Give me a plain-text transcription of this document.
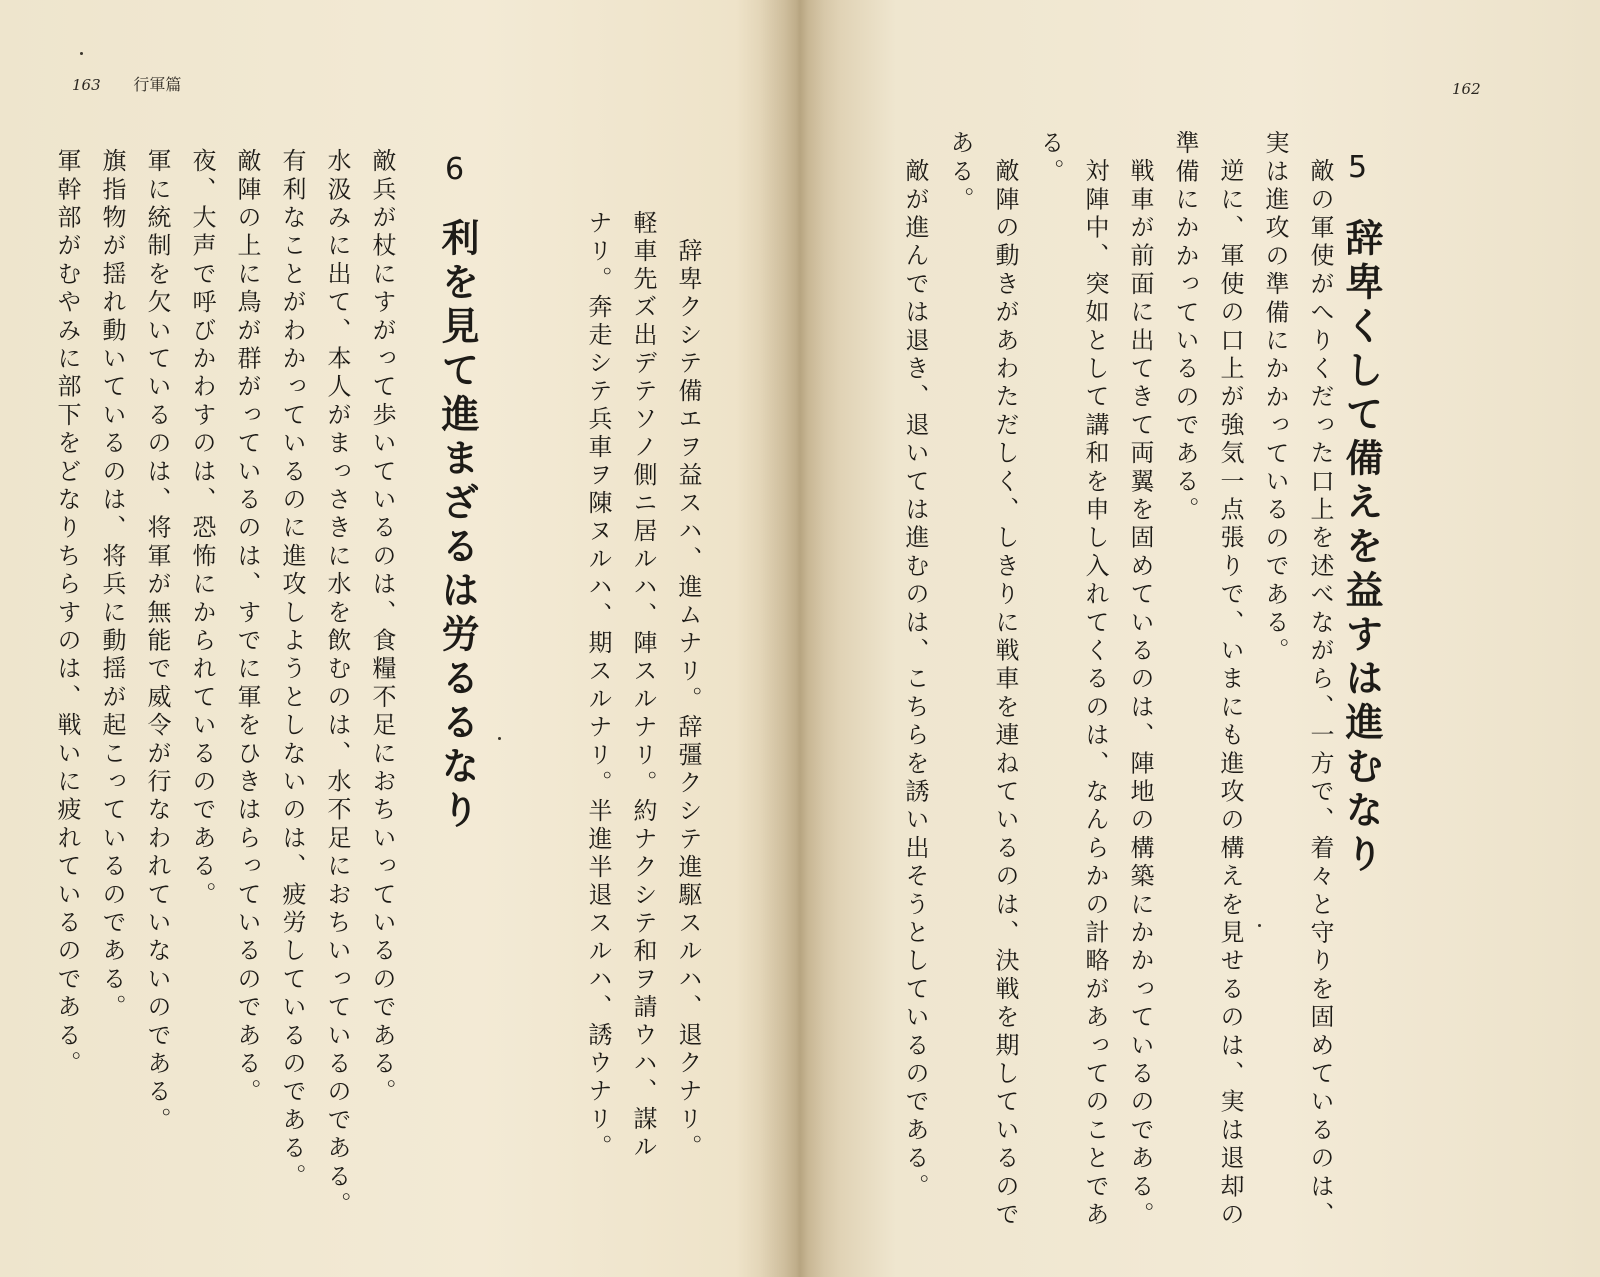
163 行軍篇

敵兵が杖にすがって歩いているのは、食糧不足におちいっているのである。

水汲みに出て、本人がまっさきに水を飲むのは、水不足におちいっているのである。

有利なことがわかっているのに進攻しようとしないのは、疲労しているのである。

敵陣の上に鳥が群がっているのは、すでに軍をひきはらっているのである。

夜、大声で呼びかわすのは、恐怖にかられているのである。

軍に統制を欠いているのは、将軍が無能で威令が行なわれていないのである。

旗指物が揺れ動いているのは、将兵に動揺が起こっているのである。

軍幹部がむやみに部下をどなりちらすのは、戦いに疲れているのである。	6
利を見て進まざるは労るるなり	辞卑クシテ備エヲ益スハ、進ムナリ。辞彊クシテ進駆スルハ、退クナリ。

軽車先ズ出デテソノ側ニ居ルハ、陣スルナリ。約ナクシテ和ヲ請ウハ、謀ル

ナリ。奔走シテ兵車ヲ陳ヌルハ、期スルナリ。半進半退スルハ、誘ウナリ。

162
5
辞卑くして備えを益すは進むなり

敵の軍使がへりくだった口上を述べながら、一方で、着々と守りを固めているのは、

実は進攻の準備にかかっているのである。

逆に、軍使の口上が強気一点張りで、いまにも進攻の構えを見せるのは、実は退却の

準備にかかっているのである。

戦車が前面に出てきて両翼を固めているのは、陣地の構築にかかっているのである。

対陣中、突如として講和を申し入れてくるのは、なんらかの計略があってのことであ

る。

敵陣の動きがあわただしく、しきりに戦車を連ねているのは、決戦を期しているので

ある。

敵が進んでは退き、退いては進むのは、こちらを誘い出そうとしているのである。
